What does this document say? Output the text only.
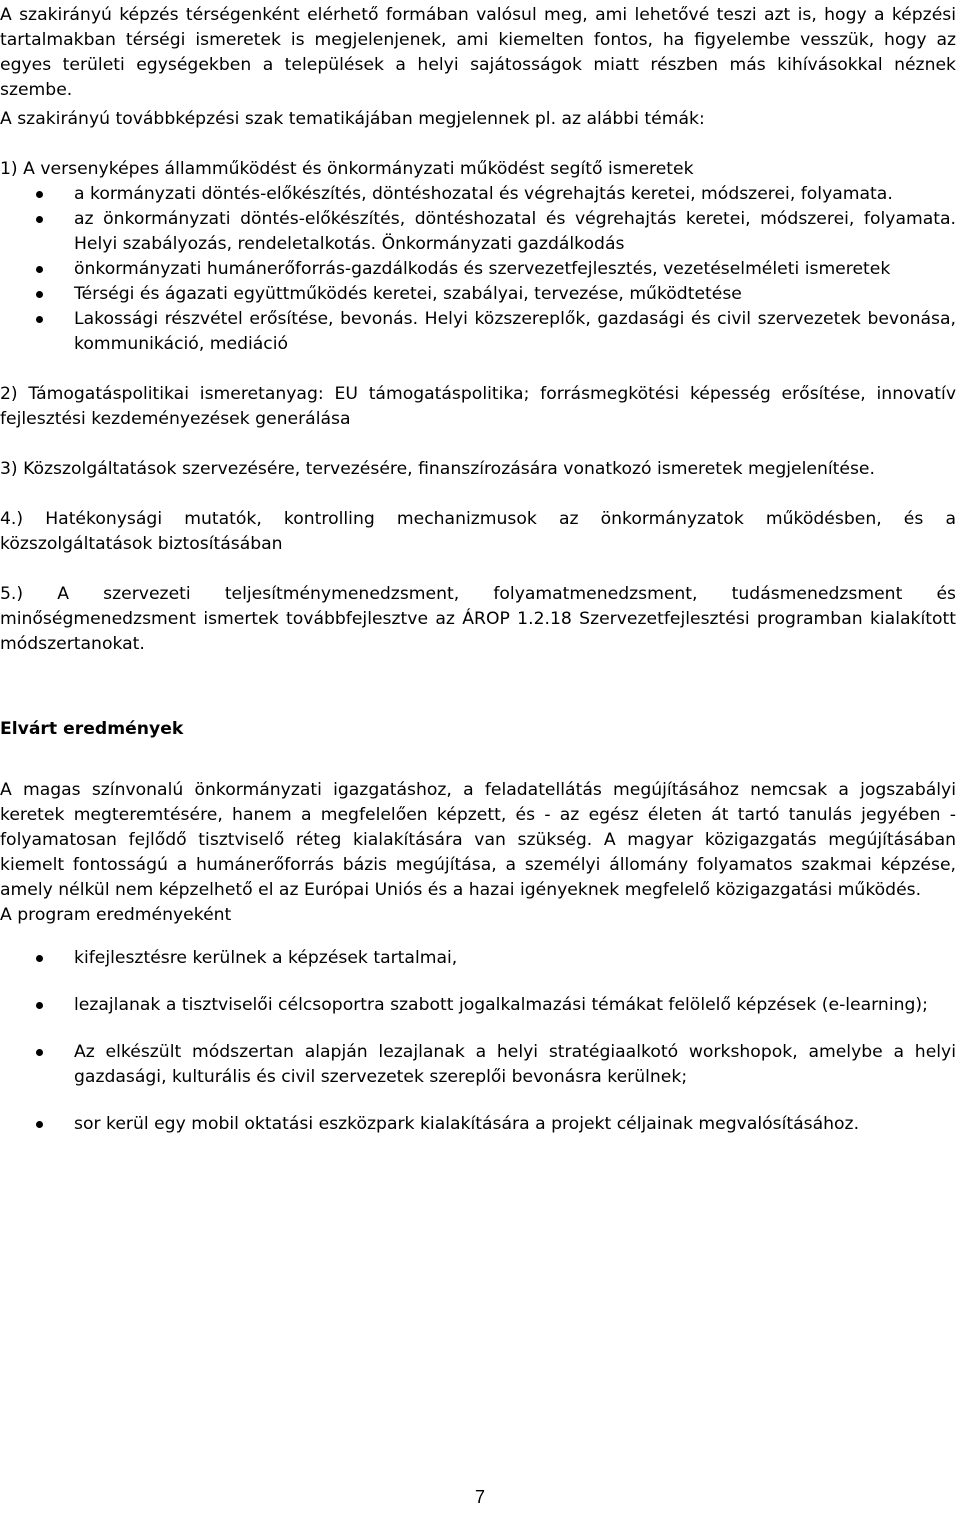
A szakirányú képzés térségenként elérhető formában valósul meg, ami lehetővé teszi azt is, hogy a képzési tartalmakban térségi ismeretek is megjelenjenek, ami kiemelten fontos, ha figyelembe vesszük, hogy az egyes területi egységekben a települések a helyi sajátosságok miatt részben más kihívásokkal néznek szembe.

A szakirányú továbbképzési szak tematikájában megjelennek pl. az alábbi témák:

1) A versenyképes államműködést és önkormányzati működést segítő ismeretek

a kormányzati döntés-előkészítés, döntéshozatal és végrehajtás keretei, módszerei, folyamata.
az önkormányzati döntés-előkészítés, döntéshozatal és végrehajtás keretei, módszerei, folyamata. Helyi szabályozás, rendeletalkotás. Önkormányzati gazdálkodás
önkormányzati humánerőforrás-gazdálkodás és szervezetfejlesztés, vezetéselméleti ismeretek
Térségi és ágazati együttműködés keretei, szabályai, tervezése, működtetése
Lakossági részvétel erősítése, bevonás. Helyi közszereplők, gazdasági és civil szervezetek bevonása, kommunikáció, mediáció

2) Támogatáspolitikai ismeretanyag: EU támogatáspolitika; forrásmegkötési képesség erősítése, innovatív fejlesztési kezdeményezések generálása

3) Közszolgáltatások szervezésére, tervezésére, finanszírozására vonatkozó ismeretek megjelenítése.

4.) Hatékonysági mutatók, kontrolling mechanizmusok az önkormányzatok működésben, és a közszolgáltatások biztosításában

5.) A szervezeti teljesítménymenedzsment, folyamatmenedzsment, tudásmenedzsment és minőségmenedzsment ismertek továbbfejlesztve az ÁROP 1.2.18 Szervezetfejlesztési programban kialakított módszertanokat.

Elvárt eredmények

A magas színvonalú önkormányzati igazgatáshoz, a feladatellátás megújításához nemcsak a jogszabályi keretek megteremtésére, hanem a megfelelően képzett, és - az egész életen át tartó tanulás jegyében - folyamatosan fejlődő tisztviselő réteg kialakítására van szükség. A magyar közigazgatás megújításában kiemelt fontosságú a humánerőforrás bázis megújítása, a személyi állomány folyamatos szakmai képzése, amely nélkül nem képzelhető el az Európai Uniós és a hazai igényeknek megfelelő közigazgatási működés.

A program eredményeként

kifejlesztésre kerülnek a képzések tartalmai,
lezajlanak a tisztviselői célcsoportra szabott jogalkalmazási témákat felölelő képzések (e-learning);
Az elkészült módszertan alapján lezajlanak a helyi stratégiaalkotó workshopok, amelybe a helyi gazdasági, kulturális és civil szervezetek szereplői bevonásra kerülnek;
sor kerül egy mobil oktatási eszközpark kialakítására a projekt céljainak megvalósításához.
7
